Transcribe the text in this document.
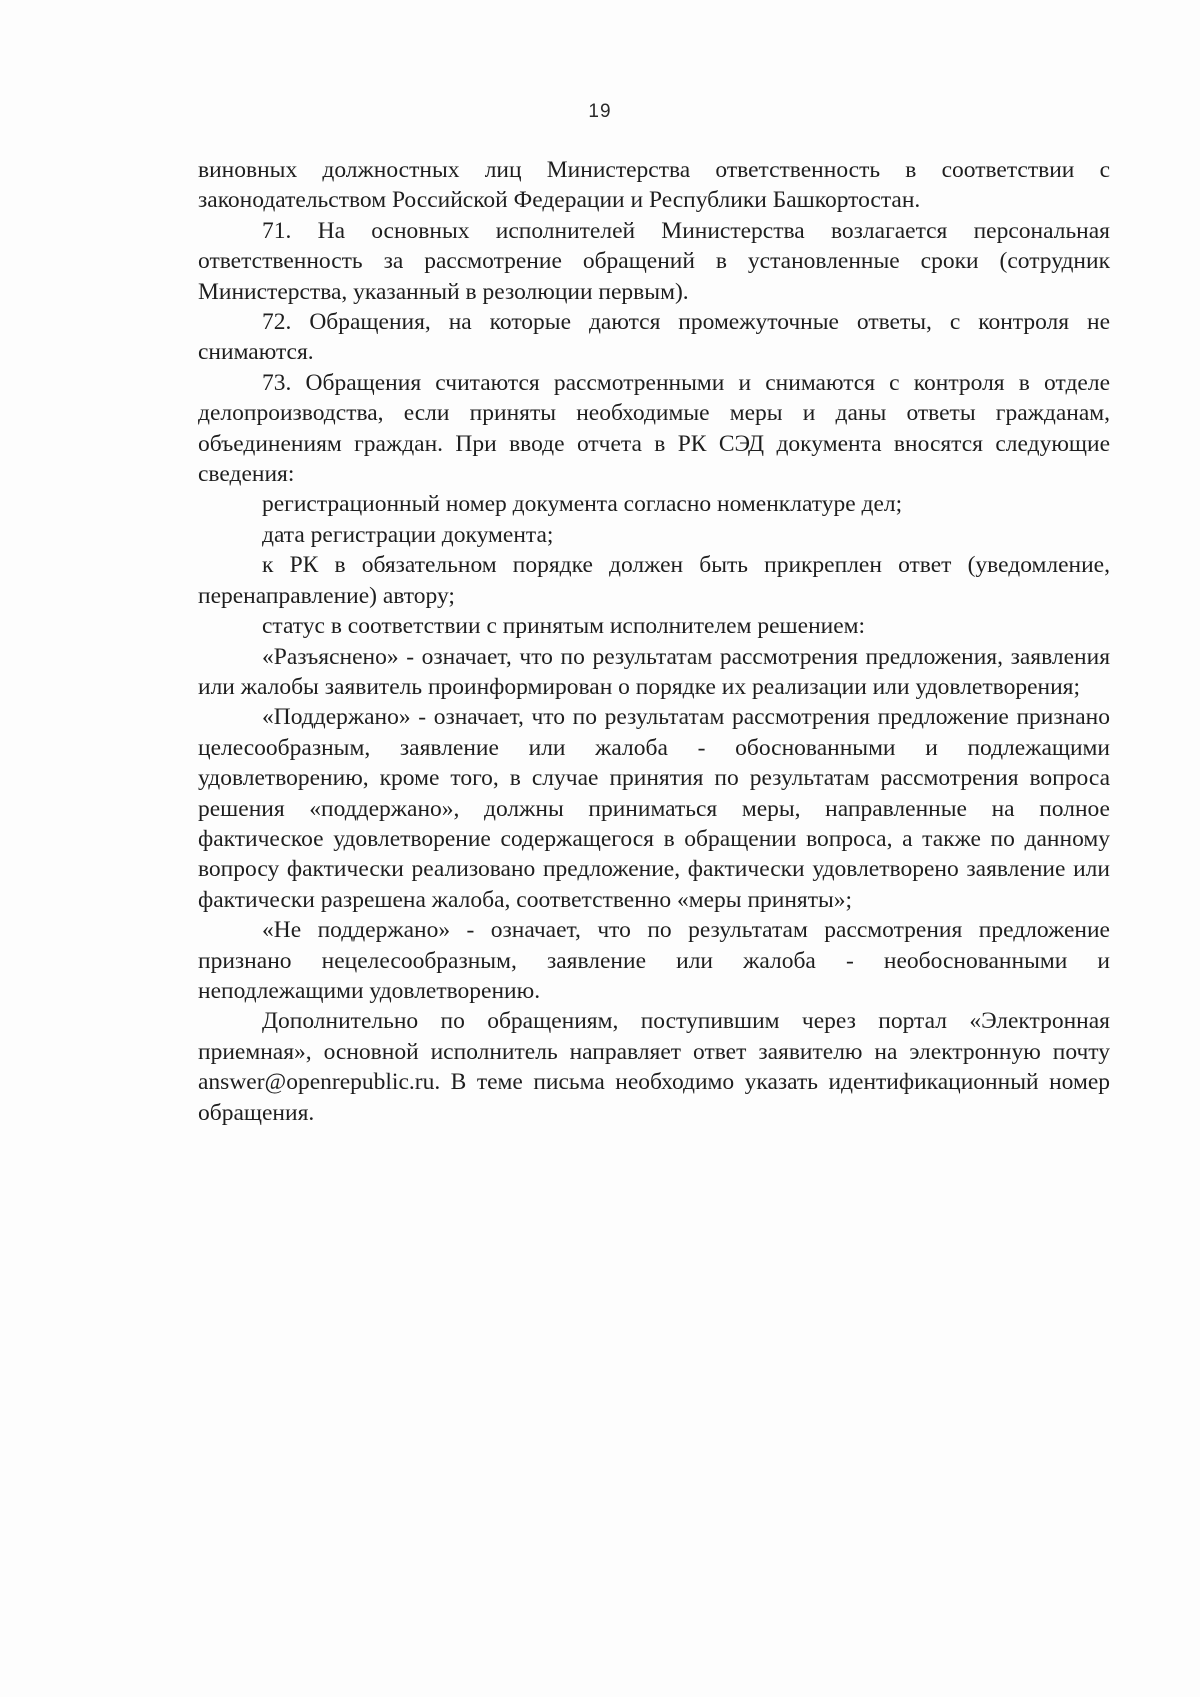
19

виновных должностных лиц Министерства ответственность в соответствии с законодательством Российской Федерации и Республики Башкортостан.

71. На основных исполнителей Министерства возлагается персональная ответственность за рассмотрение обращений в установленные сроки (сотрудник Министерства, указанный в резолюции первым).

72. Обращения, на которые даются промежуточные ответы, с контроля не снимаются.

73. Обращения считаются рассмотренными и снимаются с контроля в отделе делопроизводства, если приняты необходимые меры и даны ответы гражданам, объединениям граждан. При вводе отчета в РК СЭД документа вносятся следующие сведения:

регистрационный номер документа согласно номенклатуре дел;

дата регистрации документа;

к РК в обязательном порядке должен быть прикреплен ответ (уведомление, перенаправление) автору;

статус в соответствии с принятым исполнителем решением:

«Разъяснено» - означает, что по результатам рассмотрения предложения, заявления или жалобы заявитель проинформирован о порядке их реализации или удовлетворения;

«Поддержано» - означает, что по результатам рассмотрения предложение признано целесообразным, заявление или жалоба - обоснованными и подлежащими удовлетворению, кроме того, в случае принятия по результатам рассмотрения вопроса решения «поддержано», должны приниматься меры, направленные на полное фактическое удовлетворение содержащегося в обращении вопроса, а также по данному вопросу фактически реализовано предложение, фактически удовлетворено заявление или фактически разрешена жалоба, соответственно «меры приняты»;

«Не поддержано» - означает, что по результатам рассмотрения предложение признано нецелесообразным, заявление или жалоба - необоснованными и неподлежащими удовлетворению.

Дополнительно по обращениям, поступившим через портал «Электронная приемная», основной исполнитель направляет ответ заявителю на электронную почту answer@openrepublic.ru. В теме письма необходимо указать идентификационный номер обращения.
